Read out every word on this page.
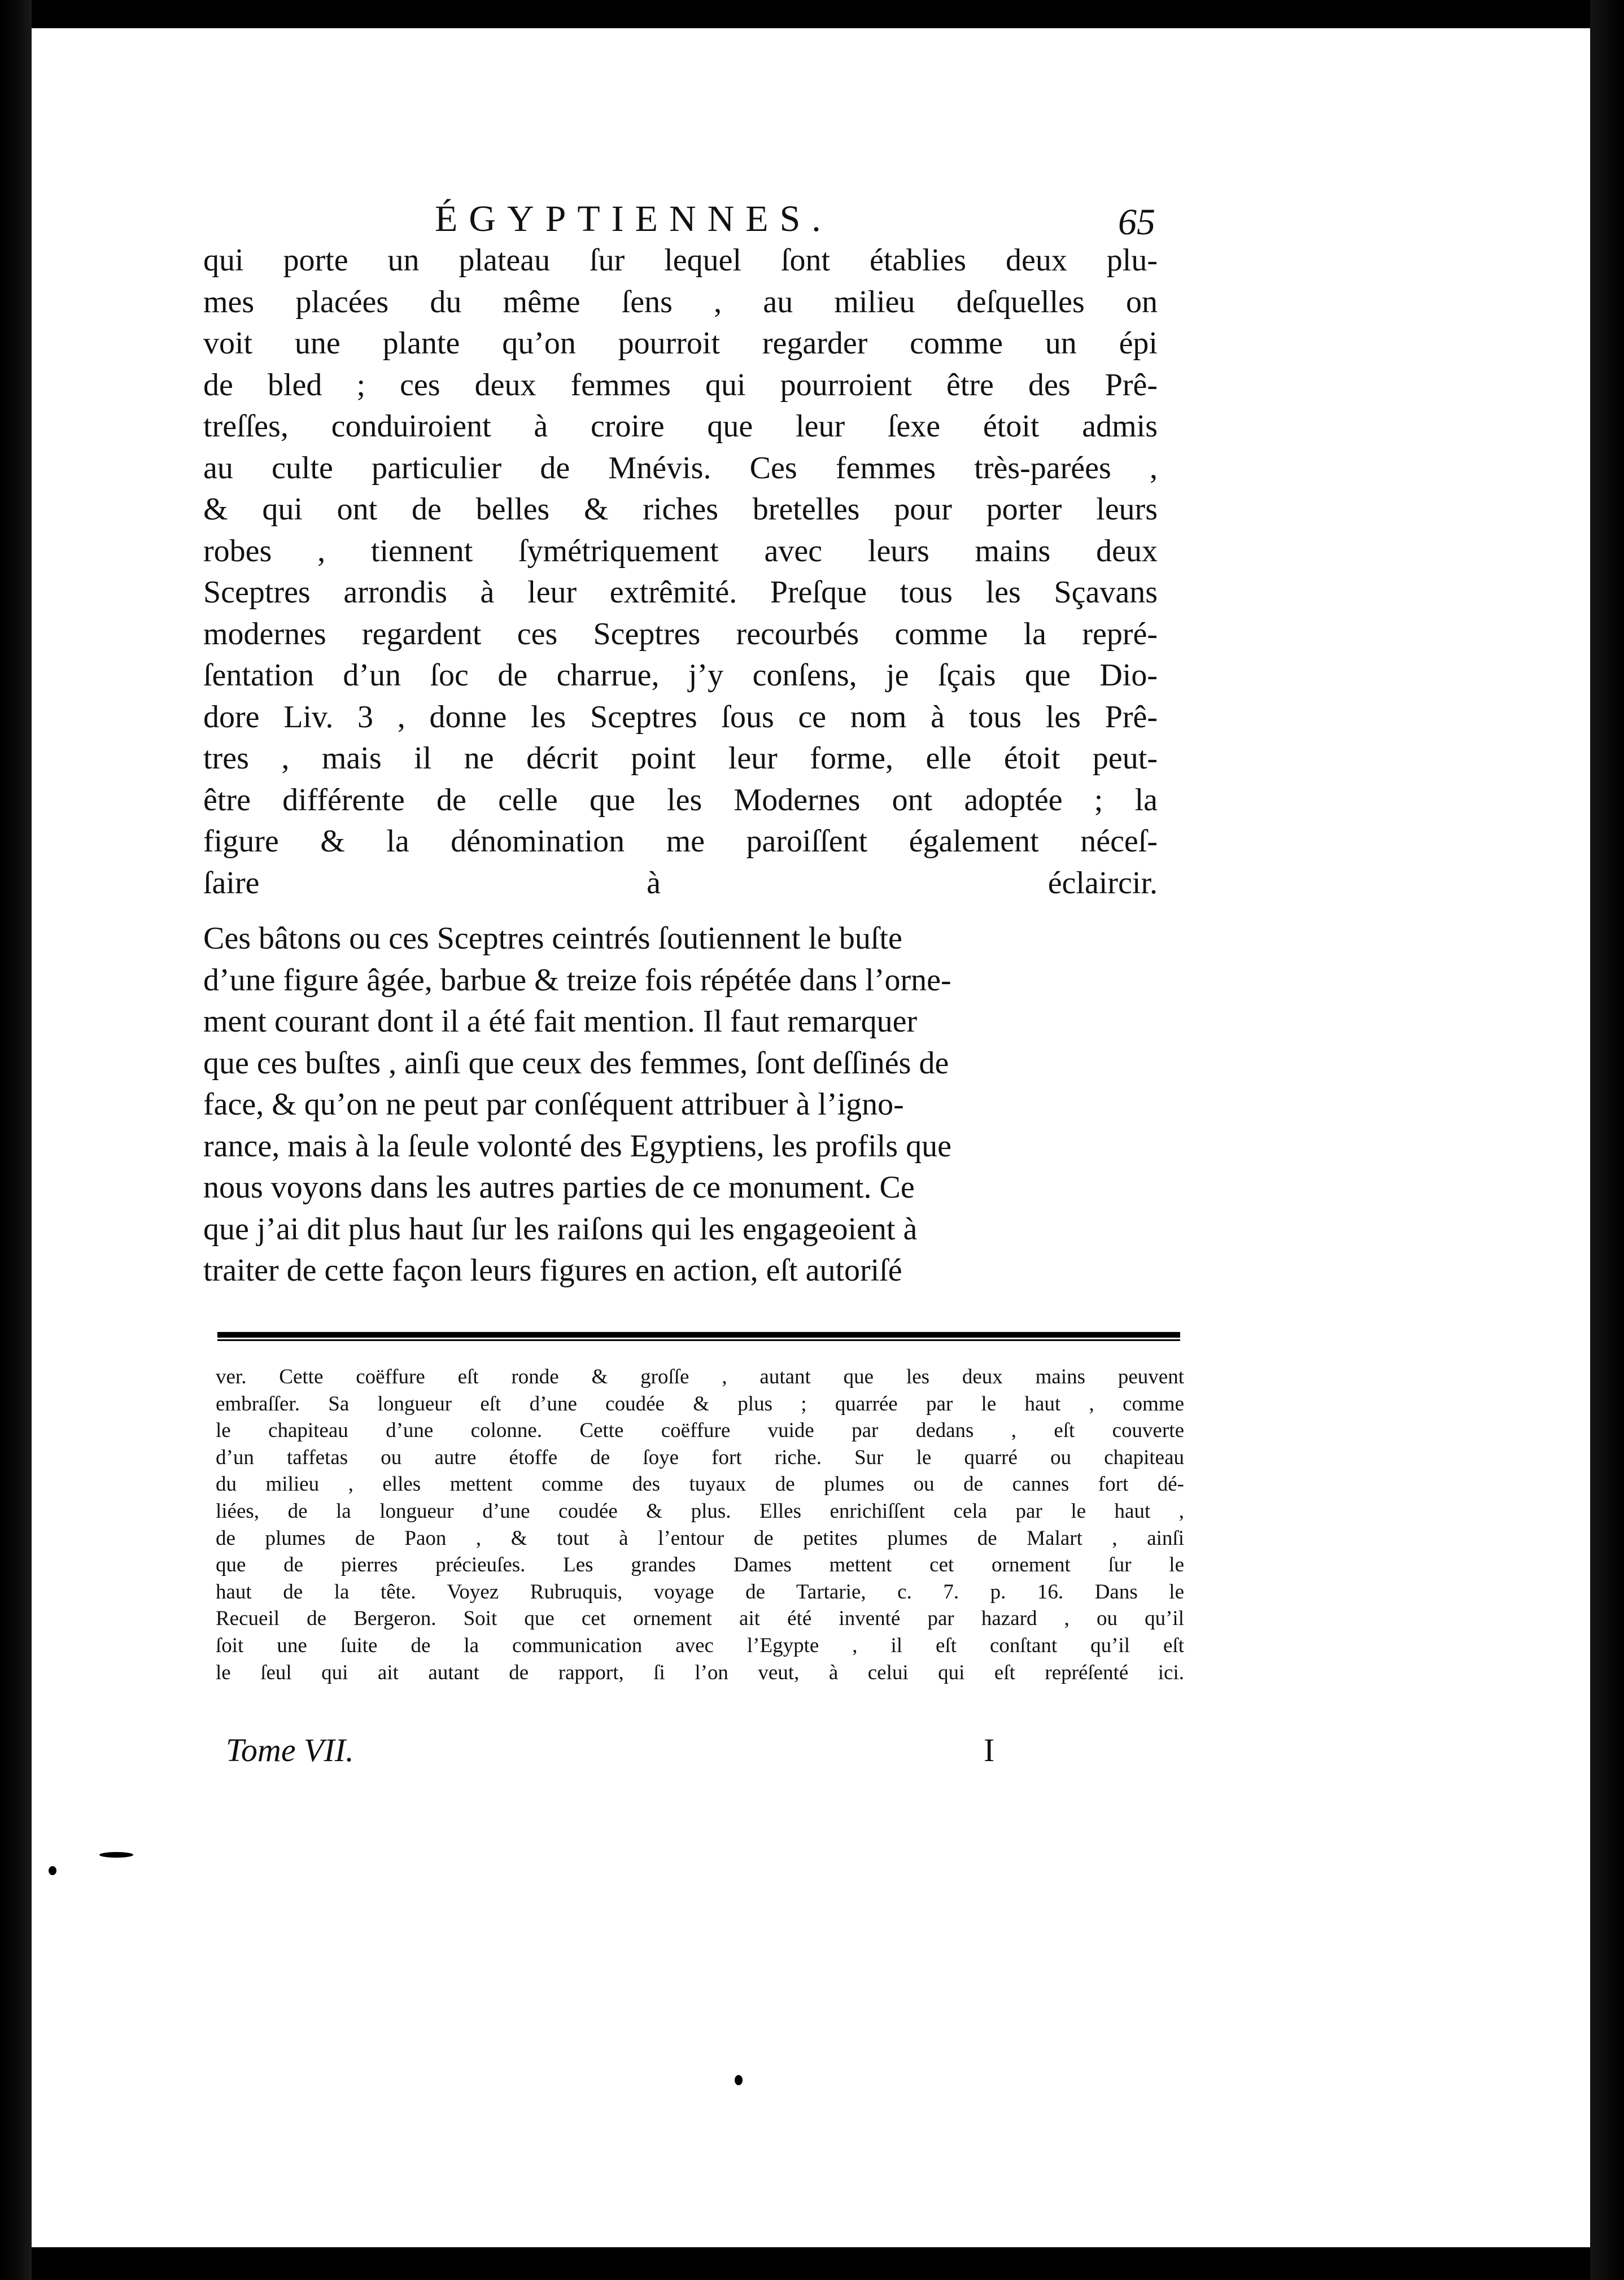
ÉGYPTIENNES.	65

qui porte un plateau ſur lequel ſont établies deux plu-
mes placées du même ſens , au milieu deſquelles on
voit une plante qu’on pourroit regarder comme un épi
de bled ; ces deux femmes qui pourroient être des Prê-
treſſes, conduiroient à croire que leur ſexe étoit admis
au culte particulier de Mnévis. Ces femmes très-parées ,
& qui ont de belles & riches bretelles pour porter leurs
robes , tiennent ſymétriquement avec leurs mains deux
Sceptres arrondis à leur extrêmité. Preſque tous les Sçavans
modernes regardent ces Sceptres recourbés comme la repré-
ſentation d’un ſoc de charrue, j’y conſens, je ſçais que Dio-
dore Liv. 3 , donne les Sceptres ſous ce nom à tous les Prê-
tres , mais il ne décrit point leur forme, elle étoit peut-
être différente de celle que les Modernes ont adoptée ; la
figure & la dénomination me paroiſſent également néceſ-
ſaire à éclaircir.

Ces bâtons ou ces Sceptres ceintrés ſoutiennent le buſte
d’une figure âgée, barbue & treize fois répétée dans l’orne-
ment courant dont il a été fait mention. Il faut remarquer
que ces buſtes , ainſi que ceux des femmes, ſont deſſinés de
face, & qu’on ne peut par conſéquent attribuer à l’igno-
rance, mais à la ſeule volonté des Egyptiens, les profils que
nous voyons dans les autres parties de ce monument. Ce
que j’ai dit plus haut ſur les raiſons qui les engageoient à
traiter de cette façon leurs figures en action, eſt autoriſé

ver. Cette coëffure eſt ronde & groſſe , autant que les deux mains peuvent
embraſſer. Sa longueur eſt d’une coudée & plus ; quarrée par le haut , comme
le chapiteau d’une colonne. Cette coëffure vuide par dedans , eſt couverte
d’un taffetas ou autre étoffe de ſoye fort riche. Sur le quarré ou chapiteau
du milieu , elles mettent comme des tuyaux de plumes ou de cannes fort dé-
liées, de la longueur d’une coudée & plus. Elles enrichiſſent cela par le haut ,
de plumes de Paon , & tout à l’entour de petites plumes de Malart , ainſi
que de pierres précieuſes. Les grandes Dames mettent cet ornement ſur le
haut de la tête. Voyez Rubruquis, voyage de Tartarie, c. 7. p. 16. Dans le
Recueil de Bergeron. Soit que cet ornement ait été inventé par hazard , ou qu’il
ſoit une ſuite de la communication avec l’Egypte , il eſt conſtant qu’il eſt
le ſeul qui ait autant de rapport, ſi l’on veut, à celui qui eſt repréſenté ici.
Tome VII.	I
